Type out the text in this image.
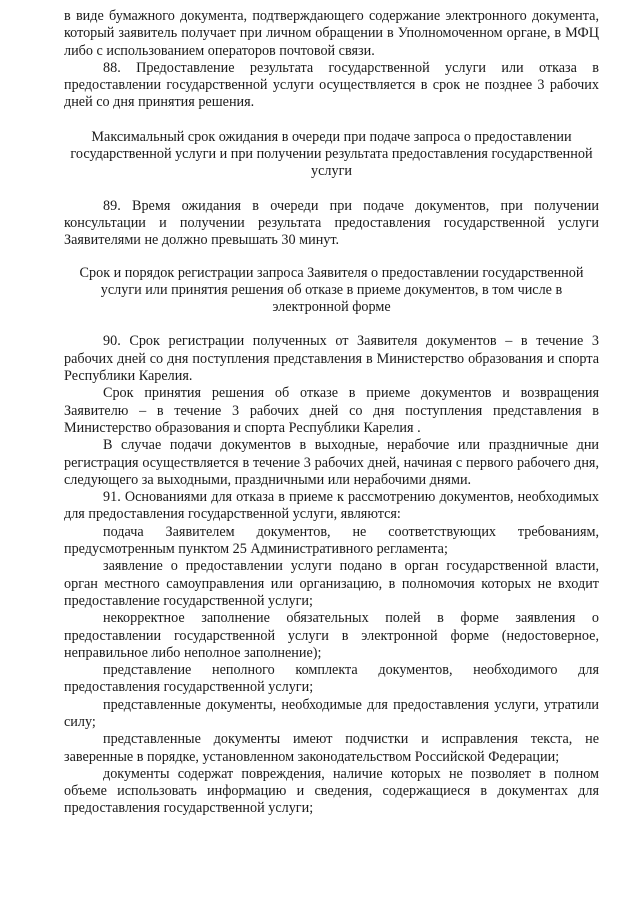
в виде бумажного документа, подтверждающего содержание электронного документа, который заявитель получает при личном обращении в Уполномоченном органе, в МФЦ либо с использованием операторов почтовой связи.

88. Предоставление результата государственной услуги или отказа в предоставлении государственной услуги осуществляется в срок не позднее 3 рабочих дней со дня принятия решения.

Максимальный срок ожидания в очереди при подаче запроса о предоставлении государственной услуги и при получении результата предоставления государственной услуги

89. Время ожидания в очереди при подаче документов, при получении консультации и получении результата предоставления государственной услуги Заявителями не должно превышать 30 минут.

Срок и порядок регистрации запроса Заявителя о предоставлении государственной услуги или принятия решения об отказе в приеме документов, в том числе в электронной форме

90. Срок регистрации полученных от Заявителя документов – в течение 3 рабочих дней со дня поступления представления в Министерство образования и спорта Республики Карелия.

Срок принятия решения об отказе в приеме документов и возвращения Заявителю – в течение 3 рабочих дней со дня поступления представления в Министерство образования и спорта Республики Карелия .

В случае подачи документов в выходные, нерабочие или праздничные дни регистрация осуществляется в течение 3 рабочих дней, начиная с первого рабочего дня, следующего за выходными, праздничными или нерабочими днями.

91. Основаниями для отказа в приеме к рассмотрению документов, необходимых для предоставления государственной услуги, являются:

подача Заявителем документов, не соответствующих требованиям, предусмотренным пунктом 25 Административного регламента;

заявление о предоставлении услуги подано в орган государственной власти, орган местного самоуправления или организацию, в полномочия которых не входит предоставление государственной услуги;

некорректное заполнение обязательных полей в форме заявления о предоставлении государственной услуги в электронной форме (недостоверное, неправильное либо неполное заполнение);

представление неполного комплекта документов, необходимого для предоставления государственной услуги;

представленные документы, необходимые для предоставления услуги, утратили силу;

представленные документы имеют подчистки и исправления текста, не заверенные в порядке, установленном законодательством Российской Федерации;

документы содержат повреждения, наличие которых не позволяет в полном объеме использовать информацию и сведения, содержащиеся в документах для предоставления государственной услуги;
